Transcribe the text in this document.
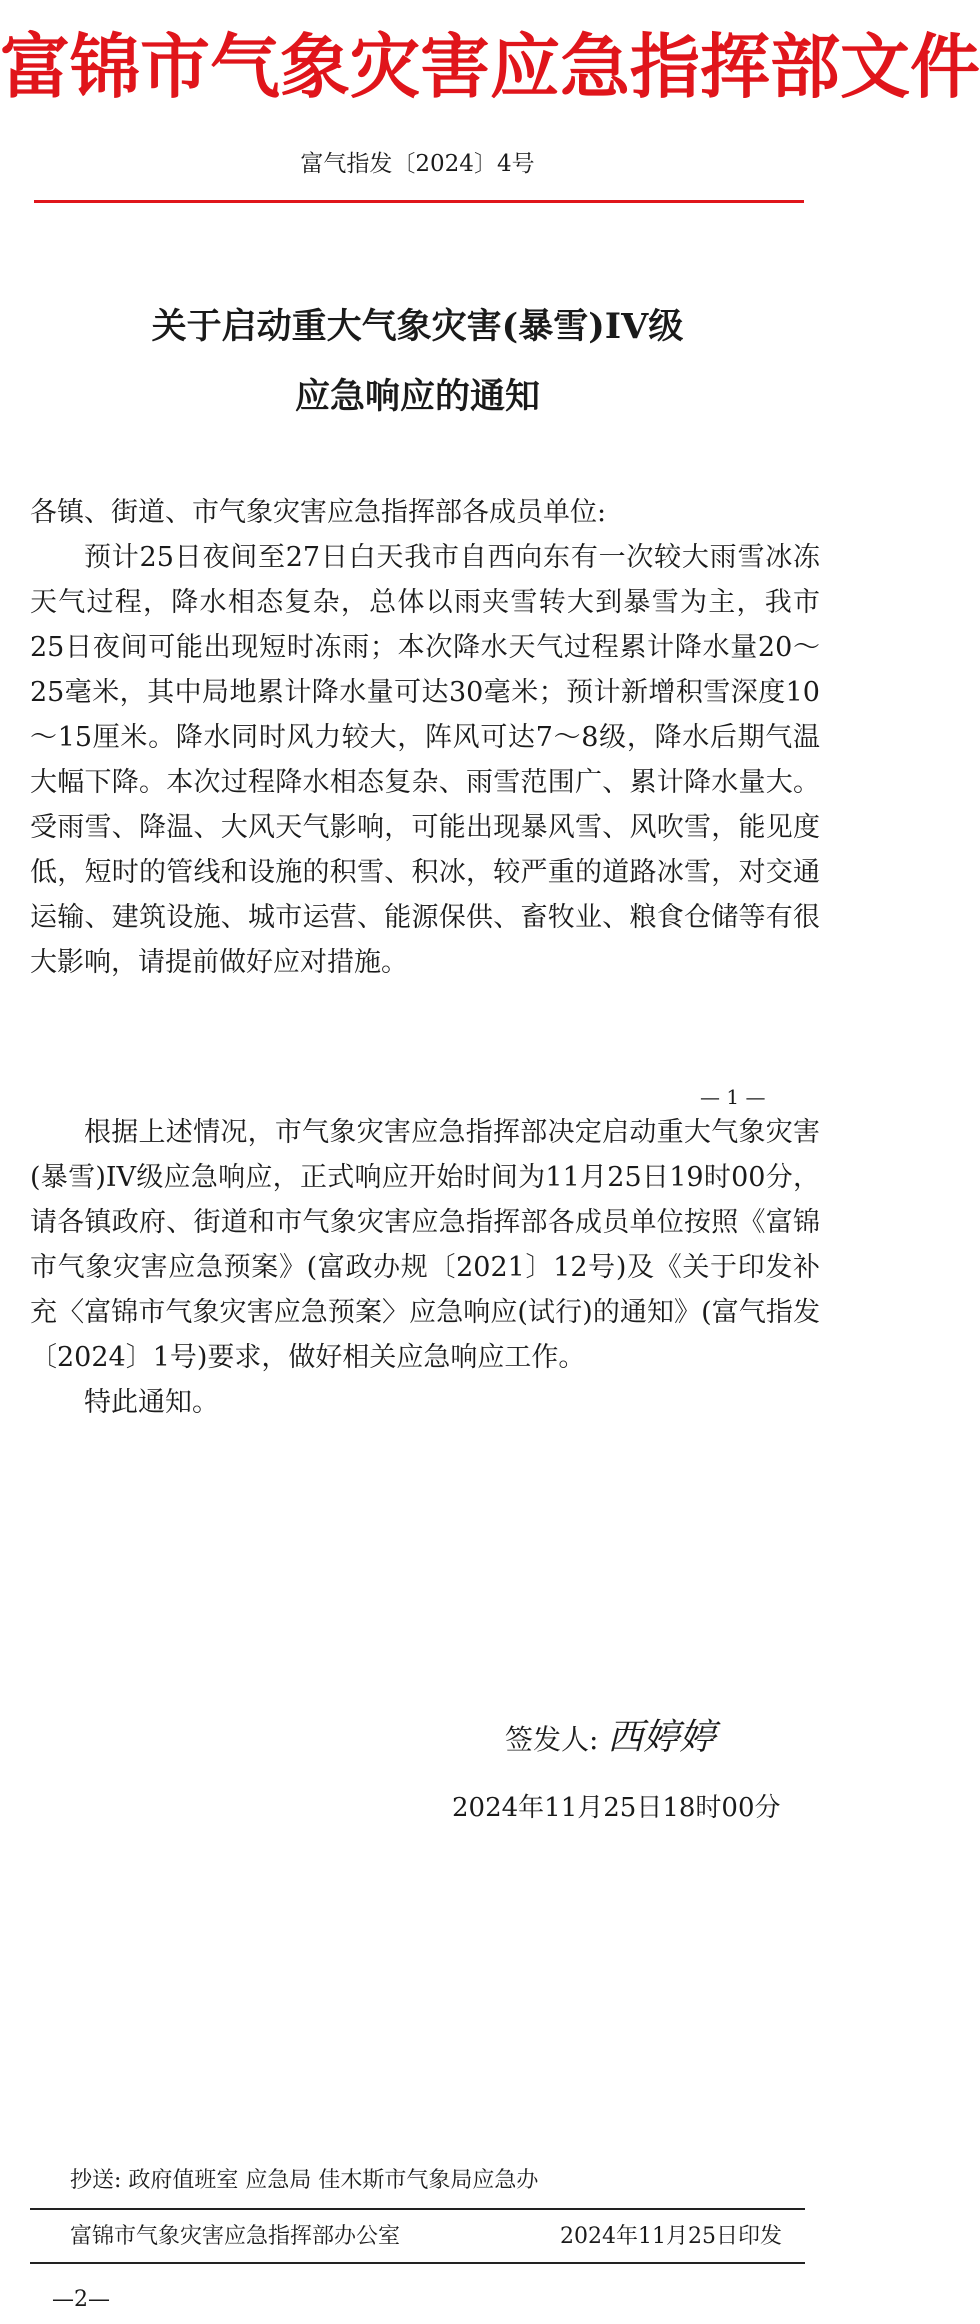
富锦市气象灾害应急指挥部文件
富气指发〔2024〕4号
关于启动重大气象灾害(暴雪)IV级
应急响应的通知
各镇、街道、市气象灾害应急指挥部各成员单位:
预计25日夜间至27日白天我市自西向东有一次较大雨雪冰冻天气过程，降水相态复杂，总体以雨夹雪转大到暴雪为主，我市25日夜间可能出现短时冻雨；本次降水天气过程累计降水量20～25毫米，其中局地累计降水量可达30毫米；预计新增积雪深度10～15厘米。降水同时风力较大，阵风可达7～8级，降水后期气温大幅下降。本次过程降水相态复杂、雨雪范围广、累计降水量大。受雨雪、降温、大风天气影响，可能出现暴风雪、风吹雪，能见度低，短时的管线和设施的积雪、积冰，较严重的道路冰雪，对交通运输、建筑设施、城市运营、能源保供、畜牧业、粮食仓储等有很大影响，请提前做好应对措施。
— 1 —
根据上述情况，市气象灾害应急指挥部决定启动重大气象灾害(暴雪)IV级应急响应，正式响应开始时间为11月25日19时00分，请各镇政府、街道和市气象灾害应急指挥部各成员单位按照《富锦市气象灾害应急预案》(富政办规〔2021〕12号)及《关于印发补充〈富锦市气象灾害应急预案〉应急响应(试行)的通知》(富气指发〔2024〕1号)要求，做好相关应急响应工作。
特此通知。
签发人: 西婷婷
2024年11月25日18时00分
抄送: 政府值班室 应急局 佳木斯市气象局应急办
富锦市气象灾害应急指挥部办公室	2024年11月25日印发
—2—
